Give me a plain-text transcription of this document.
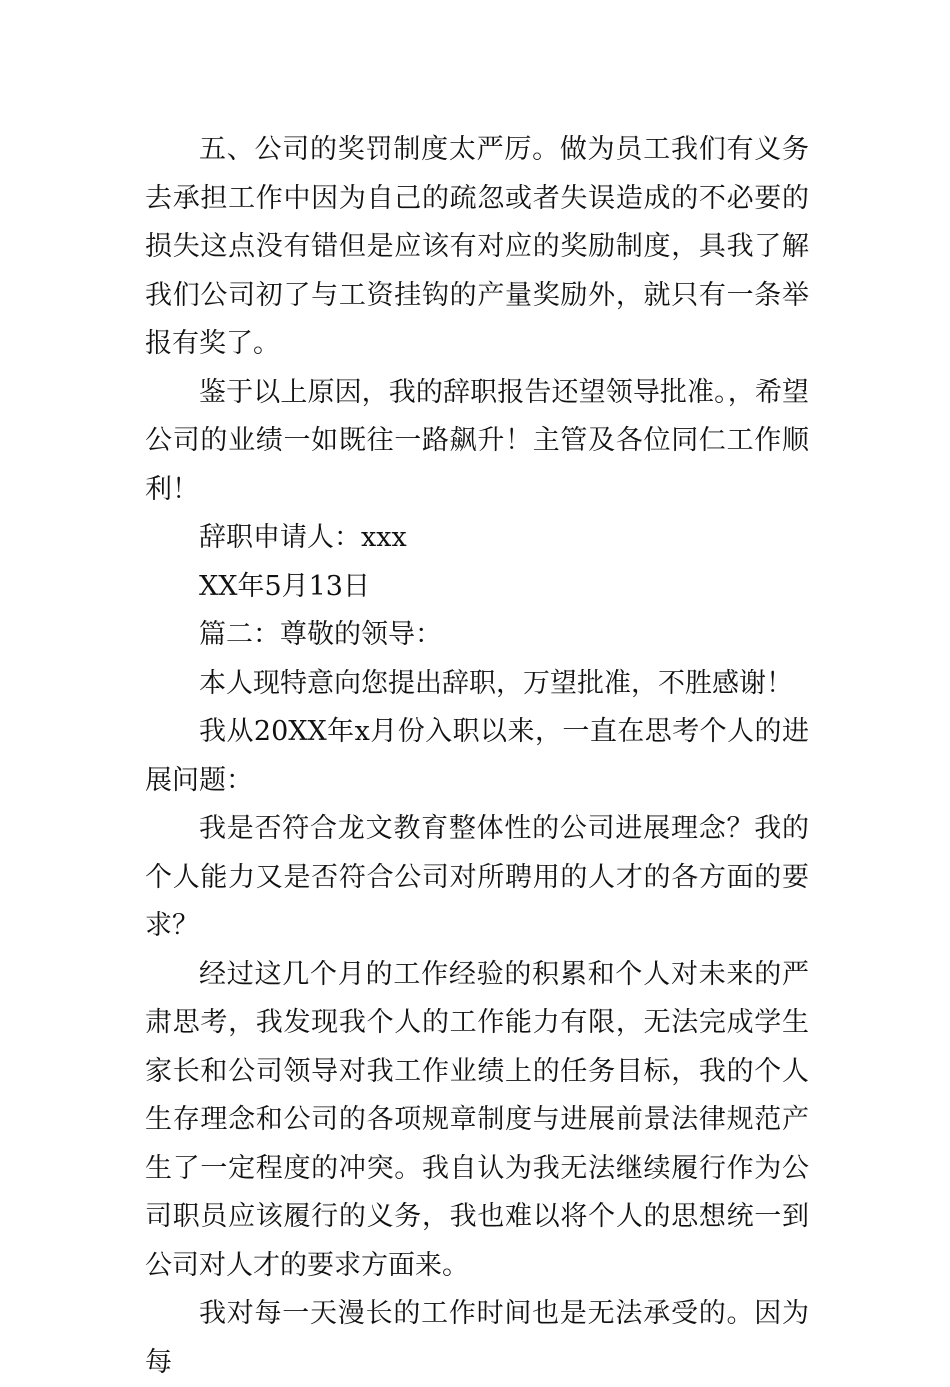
五、公司的奖罚制度太严厉。做为员工我们有义务去承担工作中因为自己的疏忽或者失误造成的不必要的损失这点没有错但是应该有对应的奖励制度，具我了解我们公司初了与工资挂钩的产量奖励外，就只有一条举报有奖了。

鉴于以上原因，我的辞职报告还望领导批准。，希望公司的业绩一如既往一路飙升！主管及各位同仁工作顺利！

辞职申请人：xxx

XX年5月13日

篇二：尊敬的领导：

本人现特意向您提出辞职，万望批准，不胜感谢！

我从20XX年x月份入职以来，一直在思考个人的进展问题：

我是否符合龙文教育整体性的公司进展理念？我的个人能力又是否符合公司对所聘用的人才的各方面的要求？

经过这几个月的工作经验的积累和个人对未来的严肃思考，我发现我个人的工作能力有限，无法完成学生家长和公司领导对我工作业绩上的任务目标，我的个人生存理念和公司的各项规章制度与进展前景法律规范产生了一定程度的冲突。我自认为我无法继续履行作为公司职员应该履行的义务，我也难以将个人的思想统一到公司对人才的要求方面来。

我对每一天漫长的工作时间也是无法承受的。因为每
